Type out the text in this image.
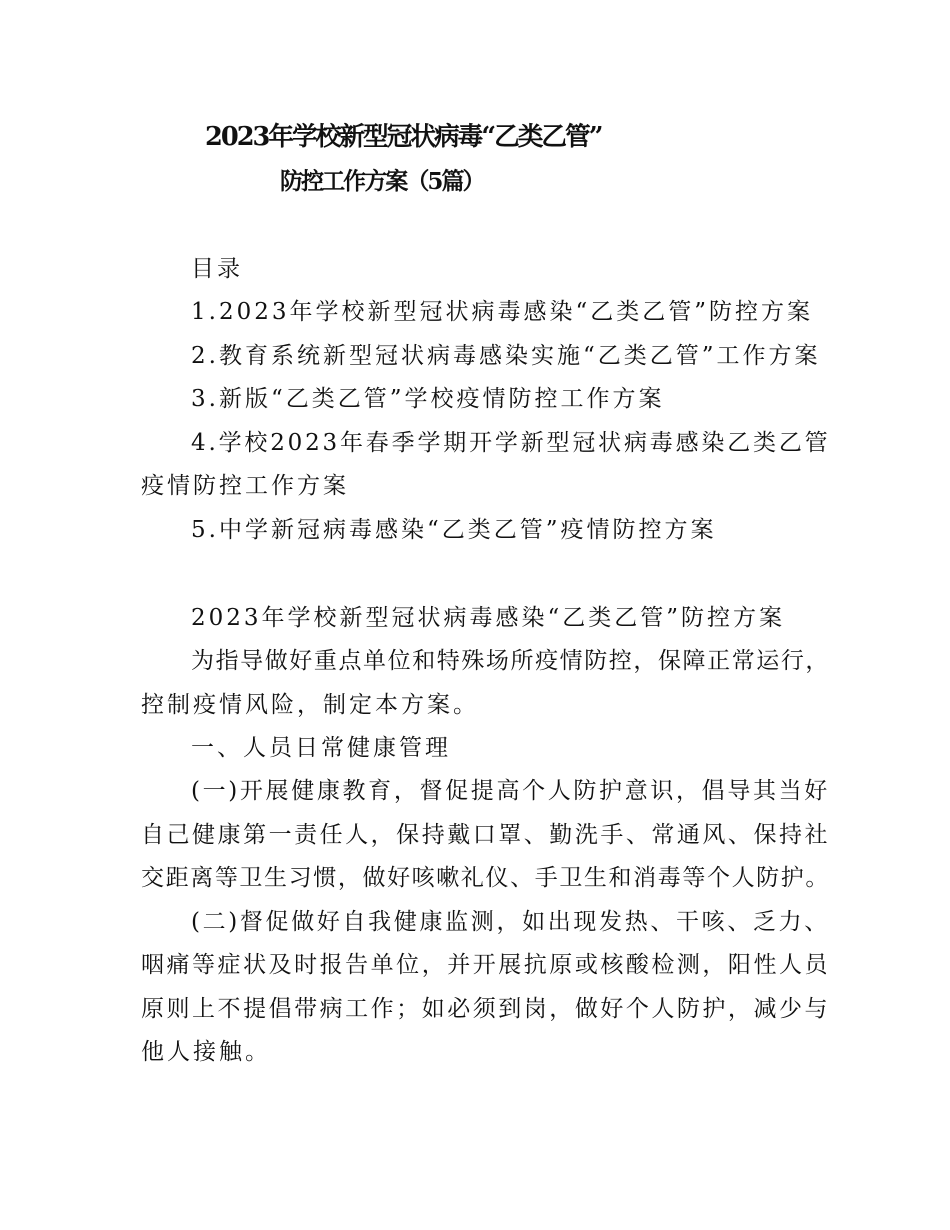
2023年学校新型冠状病毒“乙类乙管”
防控工作方案（5篇）
目录
1.2023年学校新型冠状病毒感染“乙类乙管”防控方案
2.教育系统新型冠状病毒感染实施“乙类乙管”工作方案
3.新版“乙类乙管”学校疫情防控工作方案
4.学校2023年春季学期开学新型冠状病毒感染乙类乙管
疫情防控工作方案
5.中学新冠病毒感染“乙类乙管”疫情防控方案
2023年学校新型冠状病毒感染“乙类乙管”防控方案
为指导做好重点单位和特殊场所疫情防控，保障正常运行，
控制疫情风险，制定本方案。
一、人员日常健康管理
(一)开展健康教育，督促提高个人防护意识，倡导其当好
自己健康第一责任人，保持戴口罩、勤洗手、常通风、保持社
交距离等卫生习惯，做好咳嗽礼仪、手卫生和消毒等个人防护。
(二)督促做好自我健康监测，如出现发热、干咳、乏力、
咽痛等症状及时报告单位，并开展抗原或核酸检测，阳性人员
原则上不提倡带病工作；如必须到岗，做好个人防护，减少与
他人接触。
